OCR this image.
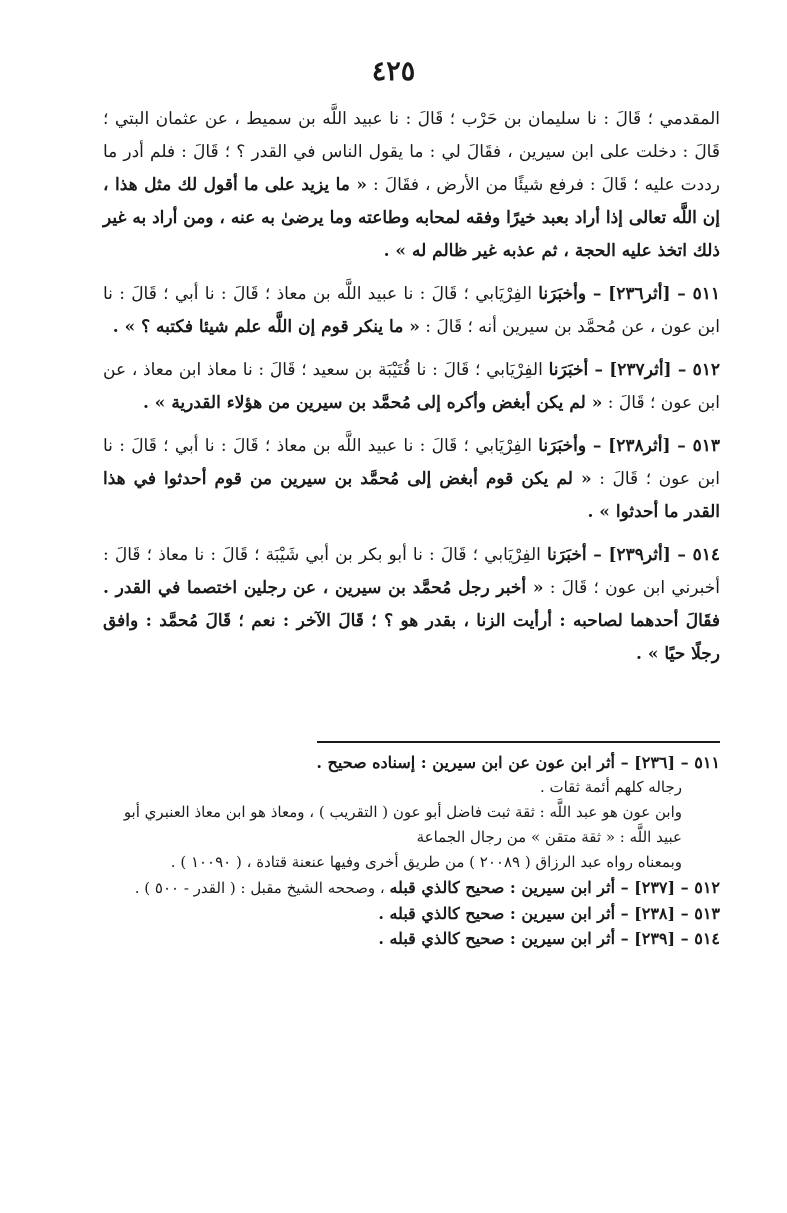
٤٢٥

المقدمي ؛ قَالَ : نا سليمان بن حَرْب ؛ قَالَ : نا عبيد اللَّه بن سميط ، عن عثمان البتي ؛ قَالَ : دخلت على ابن سيرين ، فقَالَ لي : ما يقول الناس في القدر ؟ ؛ قَالَ : فلم أدر ما رددت عليه ؛ قَالَ : فرفع شيئًا من الأرض ، فقَالَ : « ما يزيد على ما أقول لك مثل هذا ، إن اللَّه تعالى إذا أراد بعبد خيرًا وفقه لمحابه وطاعته وما يرضىٰ به عنه ، ومن أراد به غير ذلك اتخذ عليه الحجة ، ثم عذبه غير ظالم له » .

٥١١ – [أثر٢٣٦] – وأخبَرَنا الفِرْيَابي ؛ قَالَ : نا عبيد اللَّه بن معاذ ؛ قَالَ : نا أبي ؛ قَالَ : نا ابن عون ، عن مُحمَّد بن سيرين أنه ؛ قَالَ : « ما ينكر قوم إن اللَّه علم شيئا فكتبه ؟ » .

٥١٢ – [أثر٢٣٧] – أخبَرَنا الفِرْيَابي ؛ قَالَ : نا قُتَيْبَة بن سعيد ؛ قَالَ : نا معاذ ابن معاذ ، عن ابن عون ؛ قَالَ : « لم يكن أبغض وأكره إلى مُحمَّد بن سيرين من هؤلاء القدرية » .

٥١٣ – [أثر٢٣٨] – وأخبَرَنا الفِرْيَابي ؛ قَالَ : نا عبيد اللَّه بن معاذ ؛ قَالَ : نا أبي ؛ قَالَ : نا ابن عون ؛ قَالَ : « لم يكن قوم أبغض إلى مُحمَّد بن سيرين من قوم أحدثوا في هذا القدر ما أحدثوا » .

٥١٤ – [أثر٢٣٩] – أخبَرَنا الفِرْيَابي ؛ قَالَ : نا أبو بكر بن أبي شَيْبَة ؛ قَالَ : نا معاذ ؛ قَالَ : أخبرني ابن عون ؛ قَالَ : « أخبر رجل مُحمَّد بن سيرين ، عن رجلين اختصما في القدر . فقَالَ أحدهما لصاحبه : أرأيت الزنا ، بقدر هو ؟ ؛ قَالَ الآخر : نعم ؛ قَالَ مُحمَّد : وافق رجلًا حيًا » .

٥١١ – [٢٣٦] – أثر ابن عون عن ابن سيرين : إسناده صحيح .

رجاله كلهم أئمة ثقات .

وابن عون هو عبد اللَّه : ثقة ثبت فاضل أبو عون ( التقريب ) ، ومعاذ هو ابن معاذ العنبري أبو عبيد اللَّه : « ثقة متقن » من رجال الجماعة

وبمعناه رواه عبد الرزاق ( ٢٠٠٨٩ ) من طريق أخرى وفيها عنعنة قتادة ، ( ١٠٠٩٠ ) .

٥١٢ – [٢٣٧] – أثر ابن سيرين : صحيح كالذي قبله ، وصححه الشيخ مقبل : ( القدر - ٥٠٠ ) .

٥١٣ – [٢٣٨] – أثر ابن سيرين : صحيح كالذي قبله .

٥١٤ – [٢٣٩] – أثر ابن سيرين : صحيح كالذي قبله .
